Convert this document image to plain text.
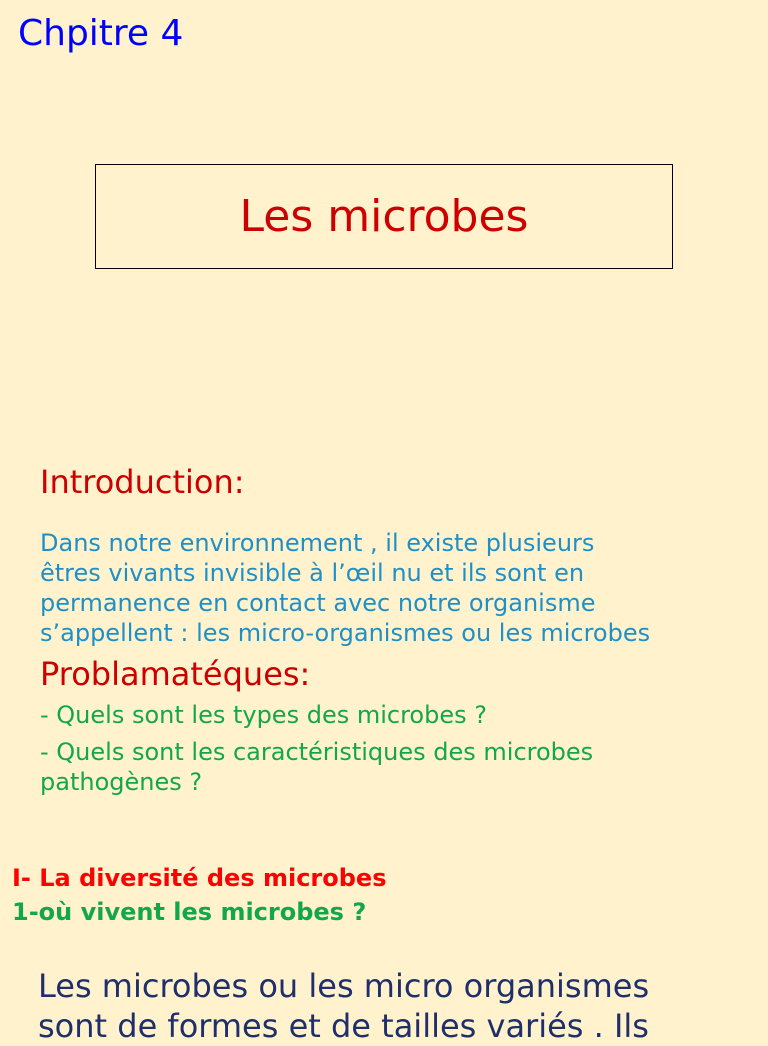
Chpitre 4
Les microbes
Introduction:
Dans notre environnement , il existe plusieurs
êtres vivants invisible à l’œil nu et ils sont en
permanence en contact avec notre organisme
s’appellent : les micro-organismes ou les microbes
Problamatéques:
- Quels sont les types des microbes ?
- Quels sont les caractéristiques des microbes
pathogènes ?
I- La diversité des microbes
1-où vivent les microbes ?
Les microbes ou les micro organismes
sont de formes et de tailles variés . Ils
